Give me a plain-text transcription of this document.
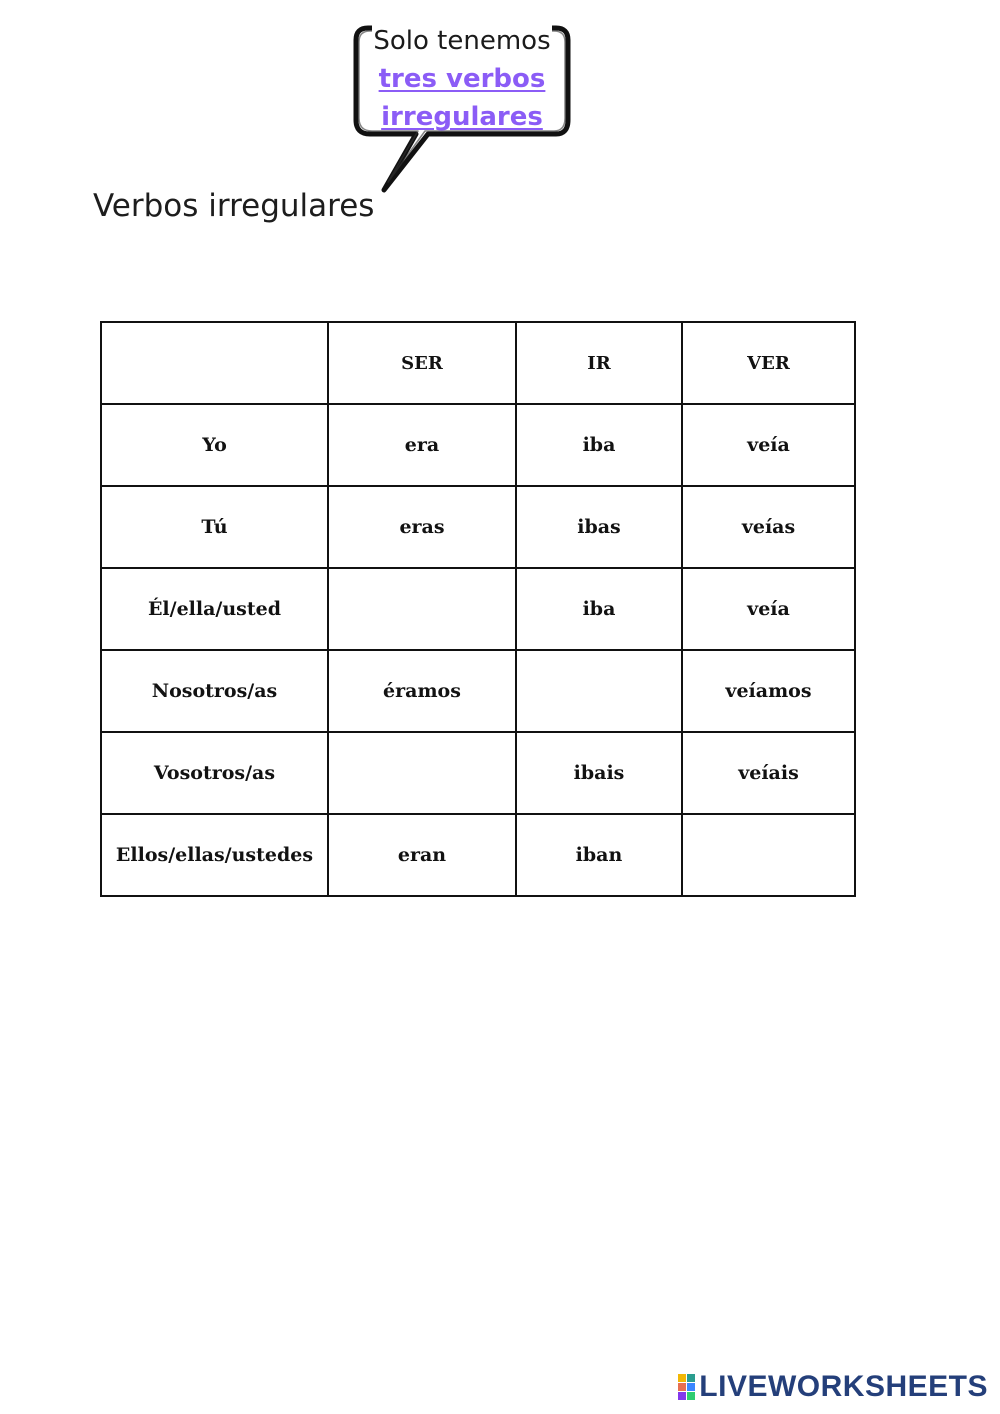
Solo tenemos
tres verbos
irregulares
Verbos irregulares
	SER	IR	VER
Yo	era	iba	veía
Tú	eras	ibas	veías
Él/ella/usted		iba	veía
Nosotros/as	éramos		veíamos
Vosotros/as		ibais	veíais
Ellos/ellas/ustedes	eran	iban	
LIVEWORKSHEETS
